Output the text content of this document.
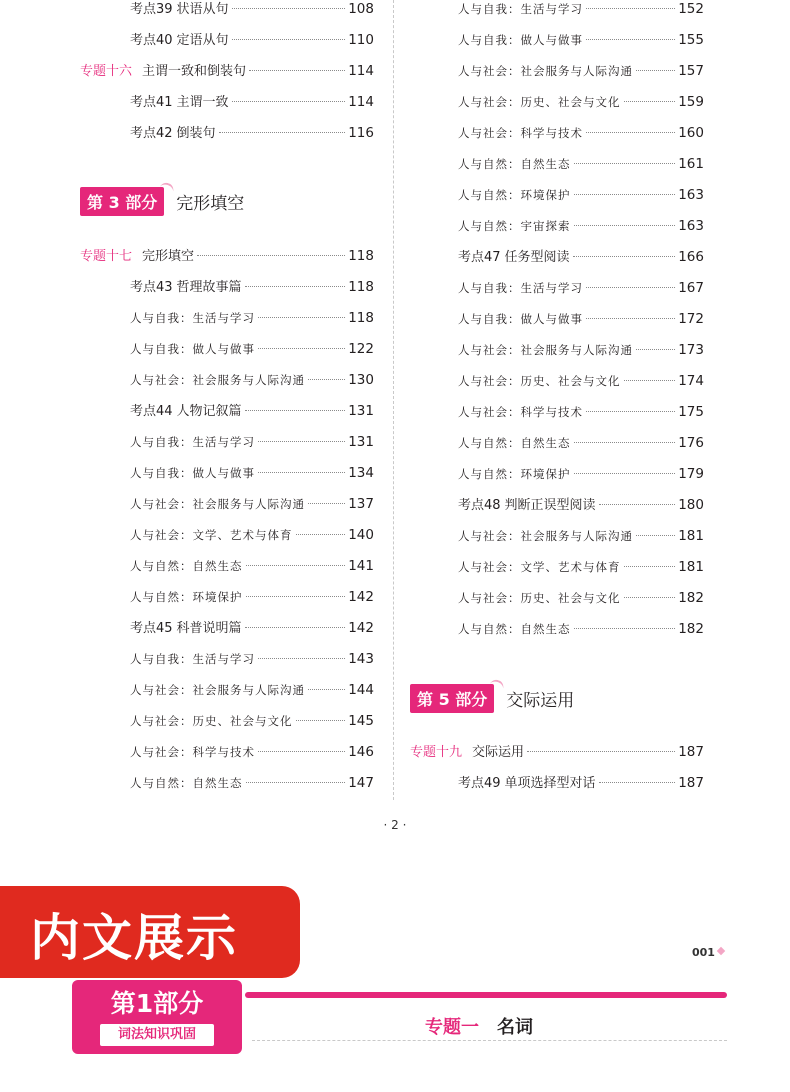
考点39 状语从句	108
考点40 定语从句	110
专题十六 主谓一致和倒装句	114
考点41 主谓一致	114
考点42 倒装句	116
专题十七 完形填空	118
考点43 哲理故事篇	118
人与自我：生活与学习	118
人与自我：做人与做事	122
人与社会：社会服务与人际沟通	130
考点44 人物记叙篇	131
人与自我：生活与学习	131
人与自我：做人与做事	134
人与社会：社会服务与人际沟通	137
人与社会：文学、艺术与体育	140
人与自然：自然生态	141
人与自然：环境保护	142
考点45 科普说明篇	142
人与自我：生活与学习	143
人与社会：社会服务与人际沟通	144
人与社会：历史、社会与文化	145
人与社会：科学与技术	146
人与自然：自然生态	147
人与自我：生活与学习	152
人与自我：做人与做事	155
人与社会：社会服务与人际沟通	157
人与社会：历史、社会与文化	159
人与社会：科学与技术	160
人与自然：自然生态	161
人与自然：环境保护	163
人与自然：宇宙探索	163
考点47 任务型阅读	166
人与自我：生活与学习	167
人与自我：做人与做事	172
人与社会：社会服务与人际沟通	173
人与社会：历史、社会与文化	174
人与社会：科学与技术	175
人与自然：自然生态	176
人与自然：环境保护	179
考点48 判断正误型阅读	180
人与社会：社会服务与人际沟通	181
人与社会：文学、艺术与体育	181
人与社会：历史、社会与文化	182
人与自然：自然生态	182
专题十九 交际运用	187
考点49 单项选择型对话	187
第 3 部分	完形填空
第 5 部分	交际运用
· 2 ·
内文展示	001
第1部分
词法知识巩固	专题一 名词
